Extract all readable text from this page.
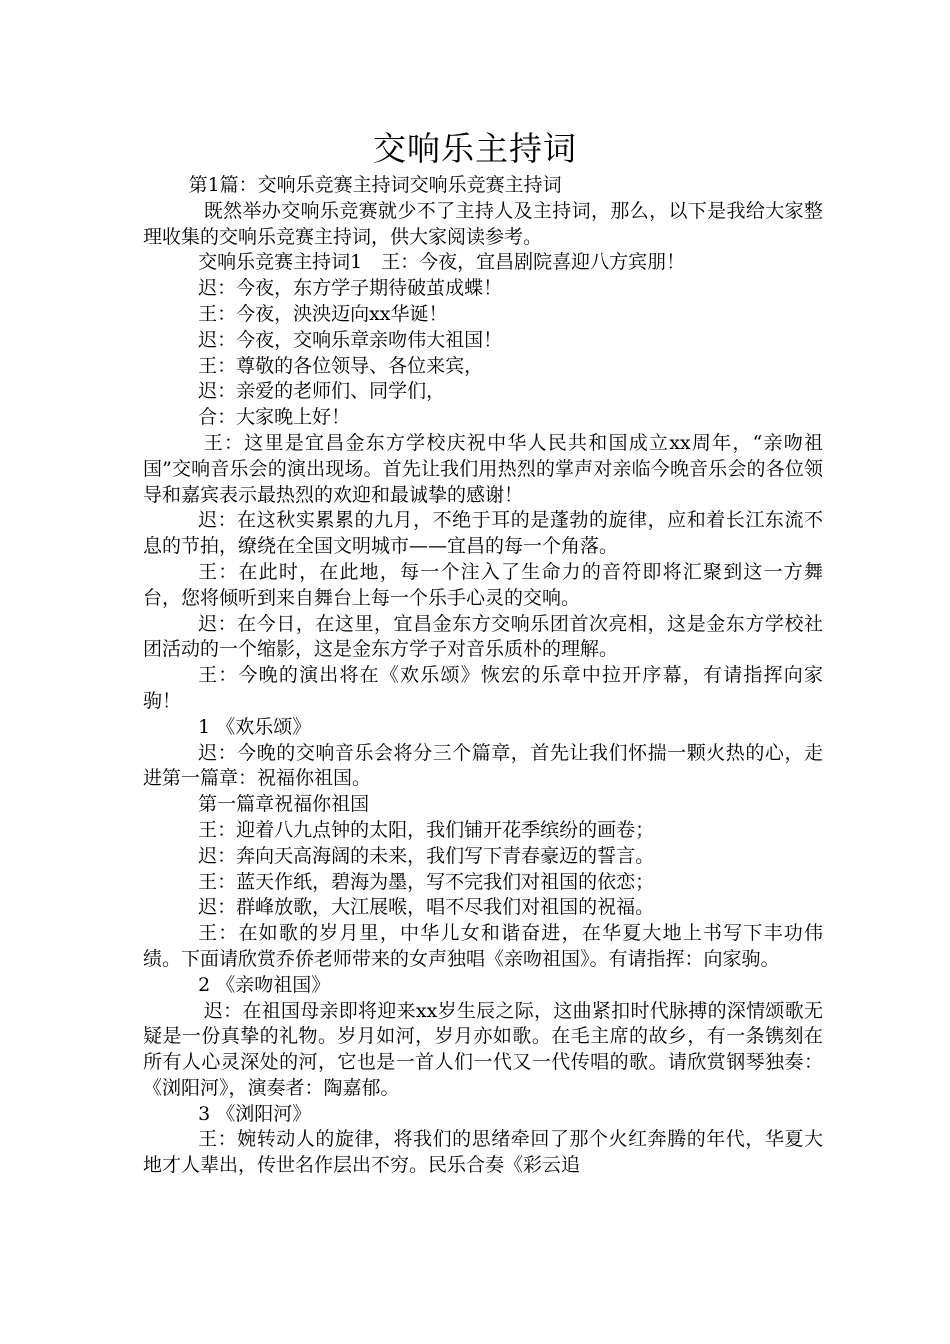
交响乐主持词

第1篇：交响乐竞赛主持词交响乐竞赛主持词

既然举办交响乐竞赛就少不了主持人及主持词，那么，以下是我给大家整理收集的交响乐竞赛主持词，供大家阅读参考。

交响乐竞赛主持词1　王：今夜，宜昌剧院喜迎八方宾朋！

迟：今夜，东方学子期待破茧成蝶！

王：今夜，泱泱迈向xx华诞！

迟：今夜，交响乐章亲吻伟大祖国！

王：尊敬的各位领导、各位来宾，

迟：亲爱的老师们、同学们，

合：大家晚上好！

王：这里是宜昌金东方学校庆祝中华人民共和国成立xx周年，“亲吻祖国”交响音乐会的演出现场。首先让我们用热烈的掌声对亲临今晚音乐会的各位领导和嘉宾表示最热烈的欢迎和最诚挚的感谢！

迟：在这秋实累累的九月，不绝于耳的是蓬勃的旋律，应和着长江东流不息的节拍，缭绕在全国文明城市——宜昌的每一个角落。

王：在此时，在此地，每一个注入了生命力的音符即将汇聚到这一方舞台，您将倾听到来自舞台上每一个乐手心灵的交响。

迟：在今日，在这里，宜昌金东方交响乐团首次亮相，这是金东方学校社团活动的一个缩影，这是金东方学子对音乐质朴的理解。

王：今晚的演出将在《欢乐颂》恢宏的乐章中拉开序幕，有请指挥向家驹！

1 《欢乐颂》

迟：今晚的交响音乐会将分三个篇章，首先让我们怀揣一颗火热的心，走进第一篇章：祝福你祖国。

第一篇章祝福你祖国

王：迎着八九点钟的太阳，我们铺开花季缤纷的画卷；

迟：奔向天高海阔的未来，我们写下青春豪迈的誓言。

王：蓝天作纸，碧海为墨，写不完我们对祖国的依恋；

迟：群峰放歌，大江展喉，唱不尽我们对祖国的祝福。

王：在如歌的岁月里，中华儿女和谐奋进，在华夏大地上书写下丰功伟绩。下面请欣赏乔侨老师带来的女声独唱《亲吻祖国》。有请指挥：向家驹。

2 《亲吻祖国》

迟：在祖国母亲即将迎来xx岁生辰之际，这曲紧扣时代脉搏的深情颂歌无疑是一份真挚的礼物。岁月如河，岁月亦如歌。在毛主席的故乡，有一条镌刻在所有人心灵深处的河，它也是一首人们一代又一代传唱的歌。请欣赏钢琴独奏：《浏阳河》，演奏者：陶嘉郁。

3 《浏阳河》

王：婉转动人的旋律，将我们的思绪牵回了那个火红奔腾的年代，华夏大地才人辈出，传世名作层出不穷。民乐合奏《彩云追
